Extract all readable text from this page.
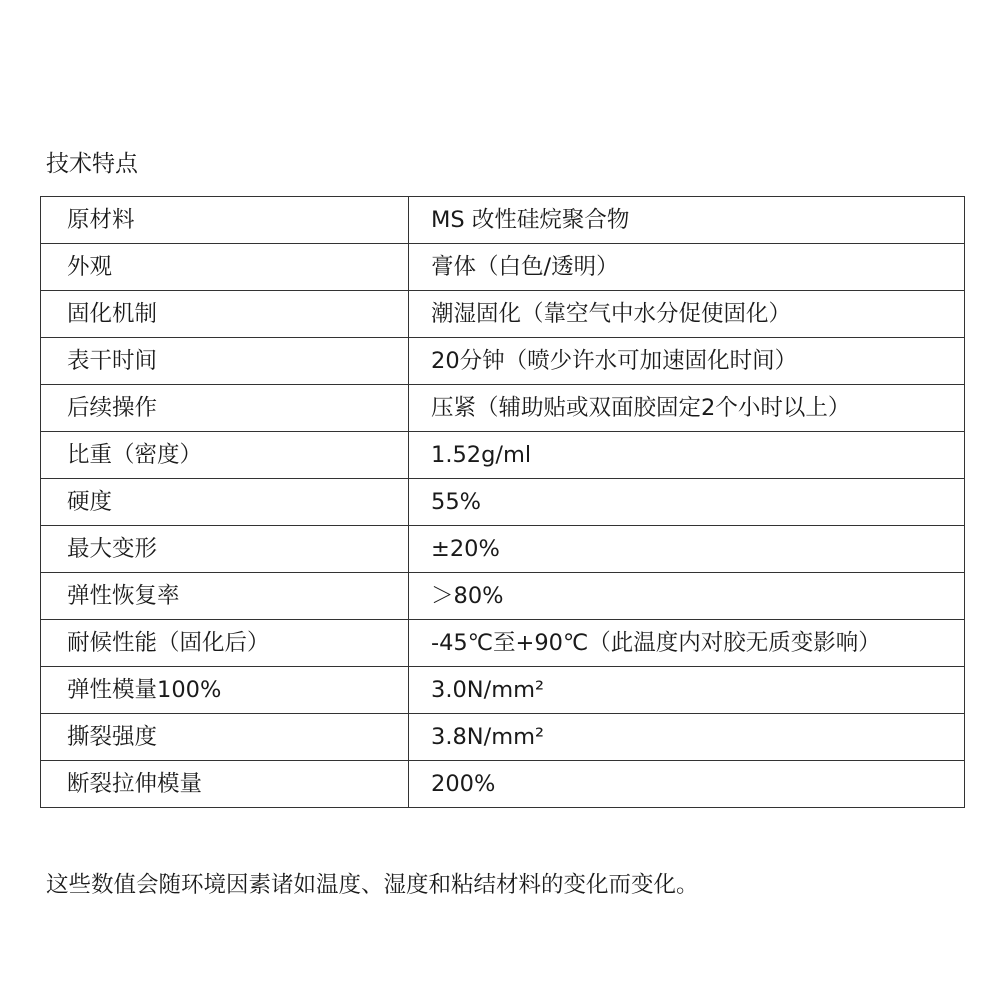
技术特点
原材料	MS 改性硅烷聚合物
外观	膏体（白色/透明）
固化机制	潮湿固化（靠空气中水分促使固化）
表干时间	20分钟（喷少许水可加速固化时间）
后续操作	压紧（辅助贴或双面胶固定2个小时以上）
比重（密度）	1.52g/ml
硬度	55%
最大变形	±20%
弹性恢复率	＞80%
耐候性能（固化后）	-45℃至+90℃（此温度内对胶无质变影响）
弹性模量100%	3.0N/mm²
撕裂强度	3.8N/mm²
断裂拉伸模量	200%
这些数值会随环境因素诸如温度、湿度和粘结材料的变化而变化。
